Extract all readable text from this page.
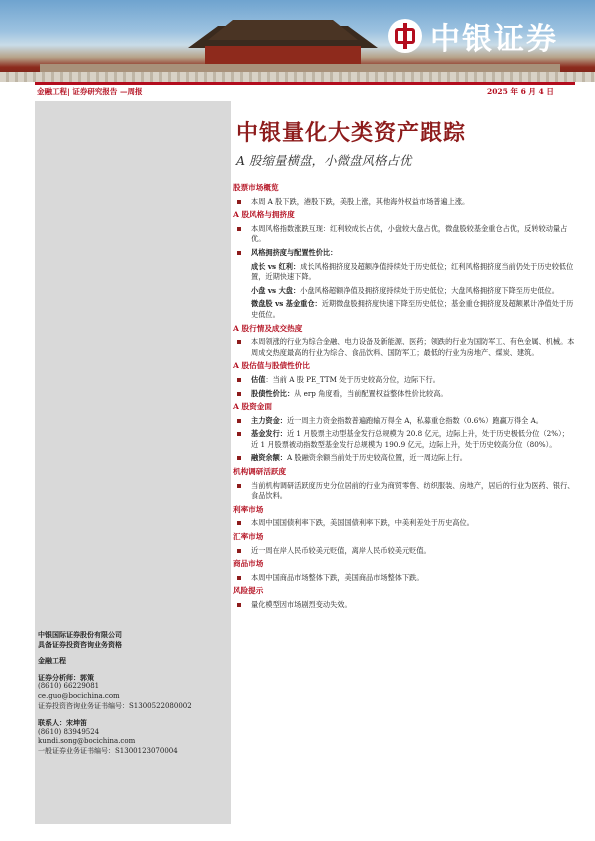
中银证券
金融工程| 证券研究报告 —周报	2025 年 6 月 4 日
中银量化大类资产跟踪
A 股缩量横盘，小微盘风格占优
股票市场概览
本周 A 股下跌，港股下跌，美股上涨，其他海外权益市场普遍上涨。
A 股风格与拥挤度
本周风格指数涨跌互现：红利较成长占优，小盘较大盘占优，微盘股较基金重仓占优，反转较动量占优。
风格拥挤度与配置性价比：
成长 vs 红利：成长风格拥挤度及超额净值持续处于历史低位；红利风格拥挤度当前仍处于历史较低位置，近期快速下降。
小盘 vs 大盘：小盘风格超额净值及拥挤度持续处于历史低位；大盘风格拥挤度下降至历史低位。
微盘股 vs 基金重仓：近期微盘股拥挤度快速下降至历史低位；基金重仓拥挤度及超额累计净值处于历史低位。
A 股行情及成交热度
本周领涨的行业为综合金融、电力设备及新能源、医药；领跌的行业为国防军工、有色金属、机械。本周成交热度最高的行业为综合、食品饮料、国防军工；最低的行业为房地产、煤炭、建筑。
A 股估值与股债性价比
估值：当前 A 股 PE_TTM 处于历史较高分位，边际下行。
股债性价比：从 erp 角度看，当前配置权益整体性价比较高。
A 股资金面
主力资金：近一周主力资金指数普遍跑输万得全 A，私募重仓指数（0.6%）跑赢万得全 A。
基金发行：近 1 月股票主动型基金发行总规模为 20.8 亿元，边际上升，处于历史极低分位（2%）；近 1 月股票被动指数型基金发行总规模为 190.9 亿元，边际上升，处于历史较高分位（80%）。
融资余额：A 股融资余额当前处于历史较高位置，近一周边际上行。
机构调研活跃度
当前机构调研活跃度历史分位居前的行业为商贸零售、纺织服装、房地产，居后的行业为医药、银行、食品饮料。
利率市场
本周中国国债利率下跌，美国国债利率下跌，中美利差处于历史高位。
汇率市场
近一周在岸人民币较美元贬值，离岸人民币较美元贬值。
商品市场
本周中国商品市场整体下跌，美国商品市场整体下跌。
风险提示
量化模型因市场剧烈变动失效。
中银国际证券股份有限公司
具备证券投资咨询业务资格
金融工程
证券分析师：郭策
(8610) 66229081
ce.guo@bocichina.com
证券投资咨询业务证书编号：S1300522080002
联系人：宋坤笛
(8610) 83949524
kundi.song@bocichina.com
一般证券业务证书编号：S1300123070004
